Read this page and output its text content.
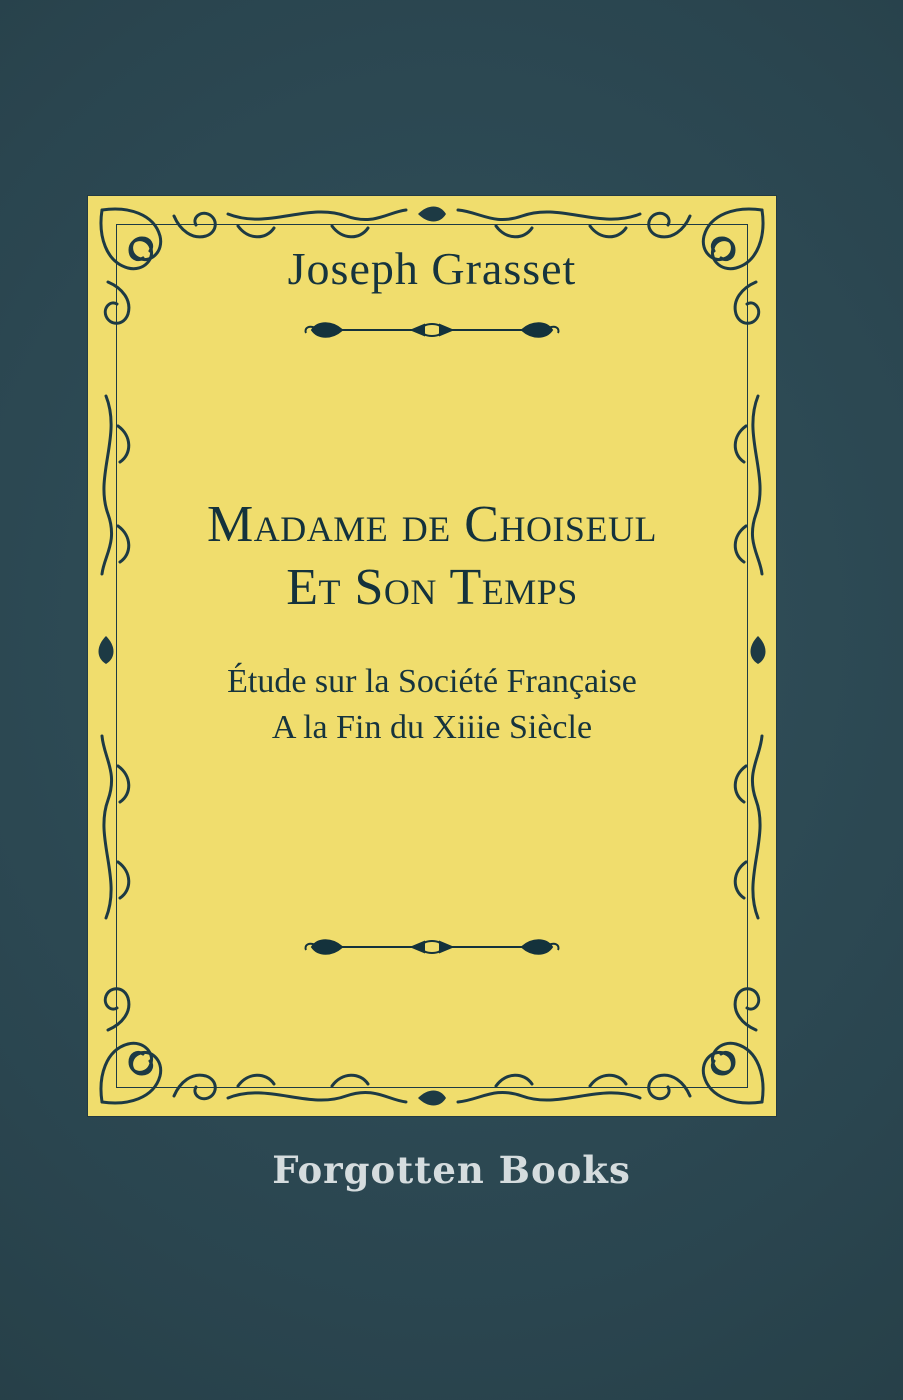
Joseph Grasset
Madame de Choiseul
Et Son Temps
Étude sur la Société Française
A la Fin du Xiiie Siècle
Forgotten Books
